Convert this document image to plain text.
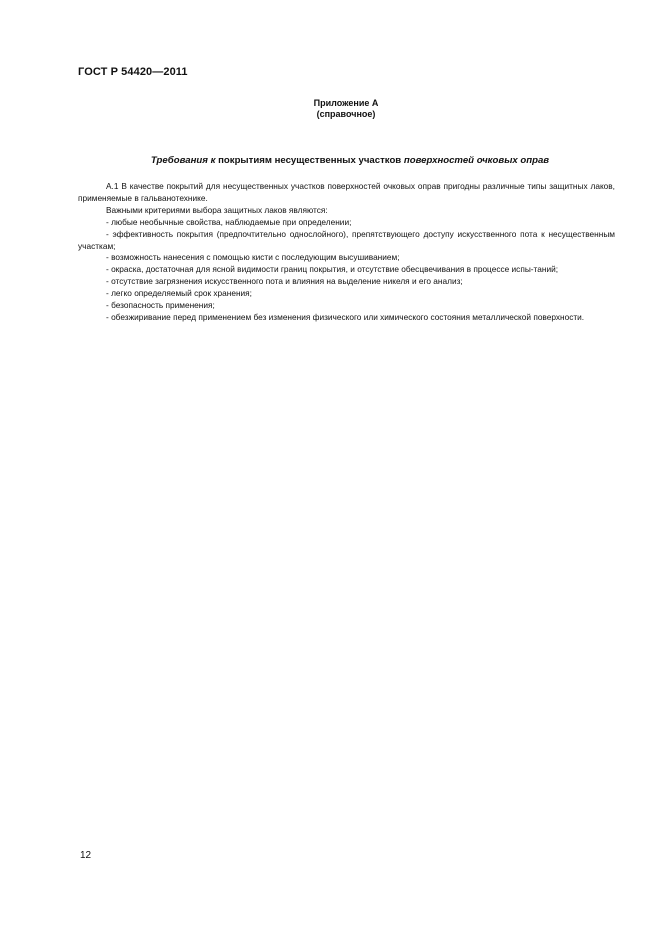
ГОСТ Р 54420—2011
Приложение А
(справочное)
Требования к покрытиям несущественных участков поверхностей очковых оправ

А.1 В качестве покрытий для несущественных участков поверхностей очковых оправ пригодны различные типы защитных лаков, применяемые в гальванотехнике.

Важными критериями выбора защитных лаков являются:

- любые необычные свойства, наблюдаемые при определении;

- эффективность покрытия (предпочтительно однослойного), препятствующего доступу искусственного пота к несущественным участкам;

- возможность нанесения с помощью кисти с последующим высушиванием;

- окраска, достаточная для ясной видимости границ покрытия, и отсутствие обесцвечивания в процессе испы-таний;

- отсутствие загрязнения искусственного пота и влияния на выделение никеля и его анализ;

- легко определяемый срок хранения;

- безопасность применения;

- обезжиривание перед применением без изменения физического или химического состояния металлической поверхности.

12
